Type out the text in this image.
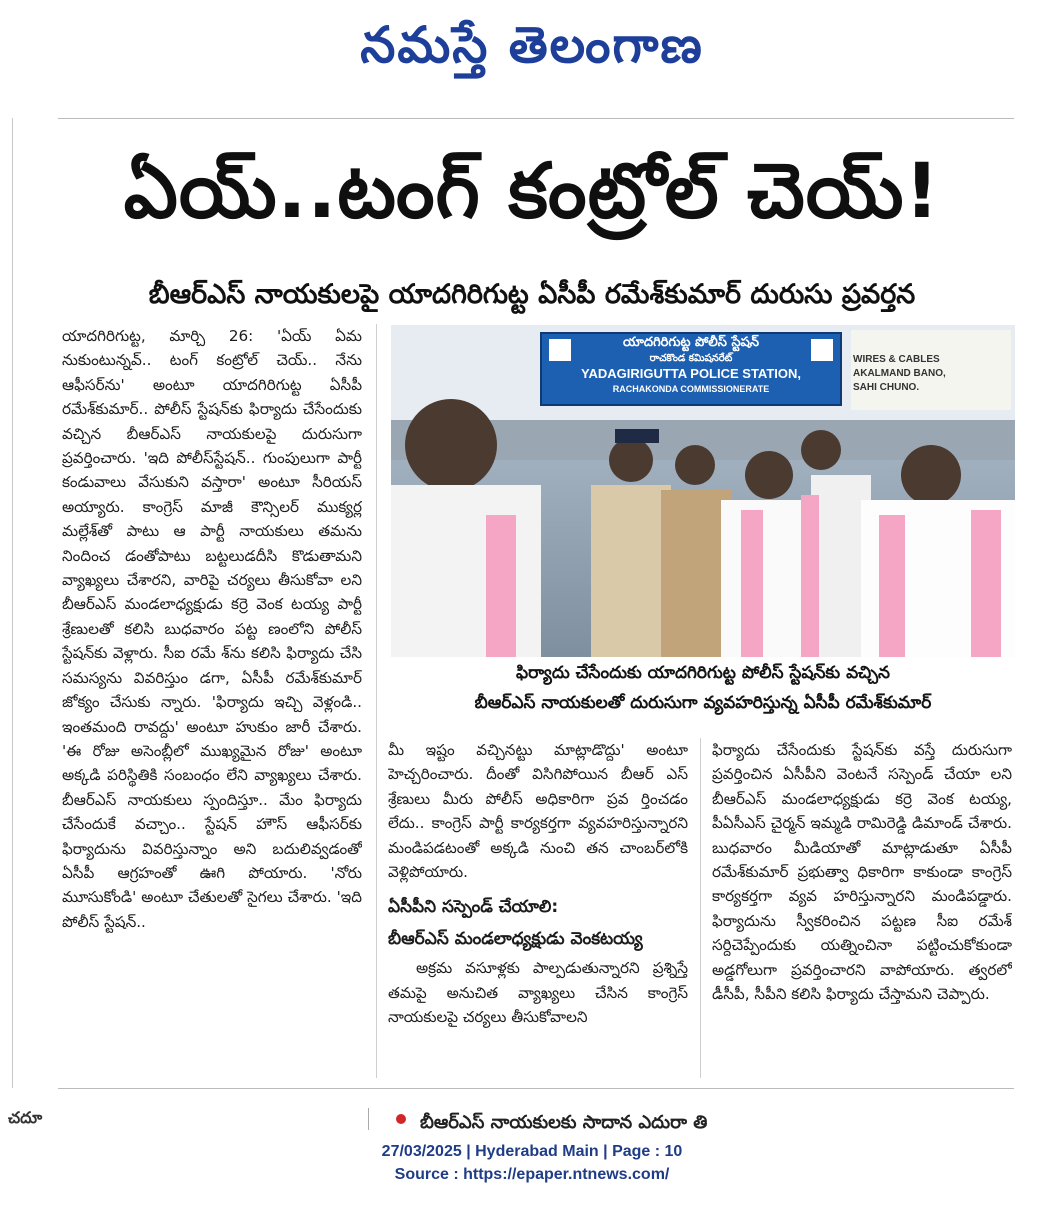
నమస్తే తెలంగాణ
ఏయ్..టంగ్ కంట్రోల్ చెయ్!
బీఆర్ఎస్ నాయకులపై యాదగిరిగుట్ట ఏసీపీ రమేశ్‌కుమార్ దురుసు ప్రవర్తన

యాదగిరిగుట్ట, మార్చి 26: 'ఏయ్ ఏమ నుకుంటున్నవ్.. టంగ్ కంట్రోల్ చెయ్.. నేను ఆఫీసర్‌ను' అంటూ యాదగిరిగుట్ట ఏసీపీ రమేశ్‌కుమార్.. పోలీస్ స్టేషన్‌కు ఫిర్యాదు చేసేందుకు వచ్చిన బీఆర్ఎస్ నాయకులపై దురుసుగా ప్రవర్తించారు. 'ఇది పోలీస్‌స్టేషన్.. గుంపులుగా పార్టీ కండువాలు వేసుకుని వస్తారా' అంటూ సీరియస్ అయ్యారు. కాంగ్రెస్ మాజీ కౌన్సిలర్ ముక్యర్ల మల్లేశ్‌తో పాటు ఆ పార్టీ నాయకులు తమను నిందించ డంతోపాటు బట్టలుడదీసి కొడుతామని వ్యాఖ్యలు చేశారని, వారిపై చర్యలు తీసుకోవా లని బీఆర్ఎస్ మండలాధ్యక్షుడు కర్రె వెంక టయ్య పార్టీ శ్రేణులతో కలిసి బుధవారం పట్ట ణంలోని పోలీస్ స్టేషన్‌కు వెళ్లారు. సీఐ రమే శ్‌ను కలిసి ఫిర్యాదు చేసి సమస్యను వివరిస్తుం డగా, ఏసీపీ రమేశ్‌కుమార్ జోక్యం చేసుకు న్నారు. 'ఫిర్యాదు ఇచ్చి వెళ్లండి.. ఇంతమంది రావద్దు' అంటూ హుకుం జారీ చేశారు. 'ఈ రోజు అసెంబ్లీలో ముఖ్యమైన రోజు' అంటూ అక్కడి పరిస్థితికి సంబంధం లేని వ్యాఖ్యలు చేశారు. బీఆర్ఎస్ నాయకులు స్పందిస్తూ.. మేం ఫిర్యాదు చేసేందుకే వచ్చాం.. స్టేషన్ హౌస్ ఆఫీసర్‌కు ఫిర్యాదును వివరిస్తున్నాం అని బదులివ్వడంతో ఏసీపీ ఆగ్రహంతో ఊగి పోయారు. 'నోరు మూసుకోండి' అంటూ చేతులతో సైగలు చేశారు. 'ఇది పోలీస్ స్టేషన్..

యాదగిరిగుట్ట పోలీస్ స్టేషన్
రాచకొండ కమిషనరేట్
YADAGIRIGUTTA POLICE STATION,
RACHAKONDA COMMISSIONERATE
WIRES & CABLES
AKALMAND BANO,
SAHI CHUNO.
ఫిర్యాదు చేసేందుకు యాదగిరిగుట్ట పోలీస్ స్టేషన్‌కు వచ్చిన
బీఆర్ఎస్ నాయకులతో దురుసుగా వ్యవహరిస్తున్న ఏసీపీ రమేశ్‌కుమార్

మీ ఇష్టం వచ్చినట్టు మాట్లాడొద్దు' అంటూ హెచ్చరించారు. దీంతో విసిగిపోయిన బీఆర్ ఎస్ శ్రేణులు మీరు పోలీస్ అధికారిగా ప్రవ ర్తించడం లేదు.. కాంగ్రెస్ పార్టీ కార్యకర్తగా వ్యవహరిస్తున్నారని మండిపడటంతో అక్కడి నుంచి తన చాంబర్‌లోకి వెళ్లిపోయారు.

ఏసీపీని సస్పెండ్ చేయాలి:

బీఆర్ఎస్ మండలాధ్యక్షుడు వెంకటయ్య

అక్రమ వసూళ్లకు పాల్పడుతున్నారని ప్రశ్నిస్తే తమపై అనుచిత వ్యాఖ్యలు చేసిన కాంగ్రెస్ నాయకులపై చర్యలు తీసుకోవాలని

ఫిర్యాదు చేసేందుకు స్టేషన్‌కు వస్తే దురుసుగా ప్రవర్తించిన ఏసీపీని వెంటనే సస్పెండ్ చేయా లని బీఆర్ఎస్ మండలాధ్యక్షుడు కర్రె వెంక టయ్య, పీఏసీఎస్ చైర్మన్ ఇమ్మడి రామిరెడ్డి డిమాండ్ చేశారు. బుధవారం మీడియాతో మాట్లాడుతూ ఏసీపీ రమేశ్‌కుమార్ ప్రభుత్వా ధికారిగా కాకుండా కాంగ్రెస్ కార్యకర్తగా వ్యవ హరిస్తున్నారని మండిపడ్డారు. ఫిర్యాదును స్వీకరించిన పట్టణ సీఐ రమేశ్ సర్దిచెప్పేందుకు యత్నించినా పట్టించుకోకుండా అడ్డగోలుగా ప్రవర్తించారని వాపోయారు. త్వరలో డీసీపీ, సీపీని కలిసి ఫిర్యాదు చేస్తామని చెప్పారు.

చదూ	బీఆర్ఎస్ నాయకులకు సాదాన ఎదురా తి
27/03/2025 | Hyderabad Main | Page : 10
Source : https://epaper.ntnews.com/
